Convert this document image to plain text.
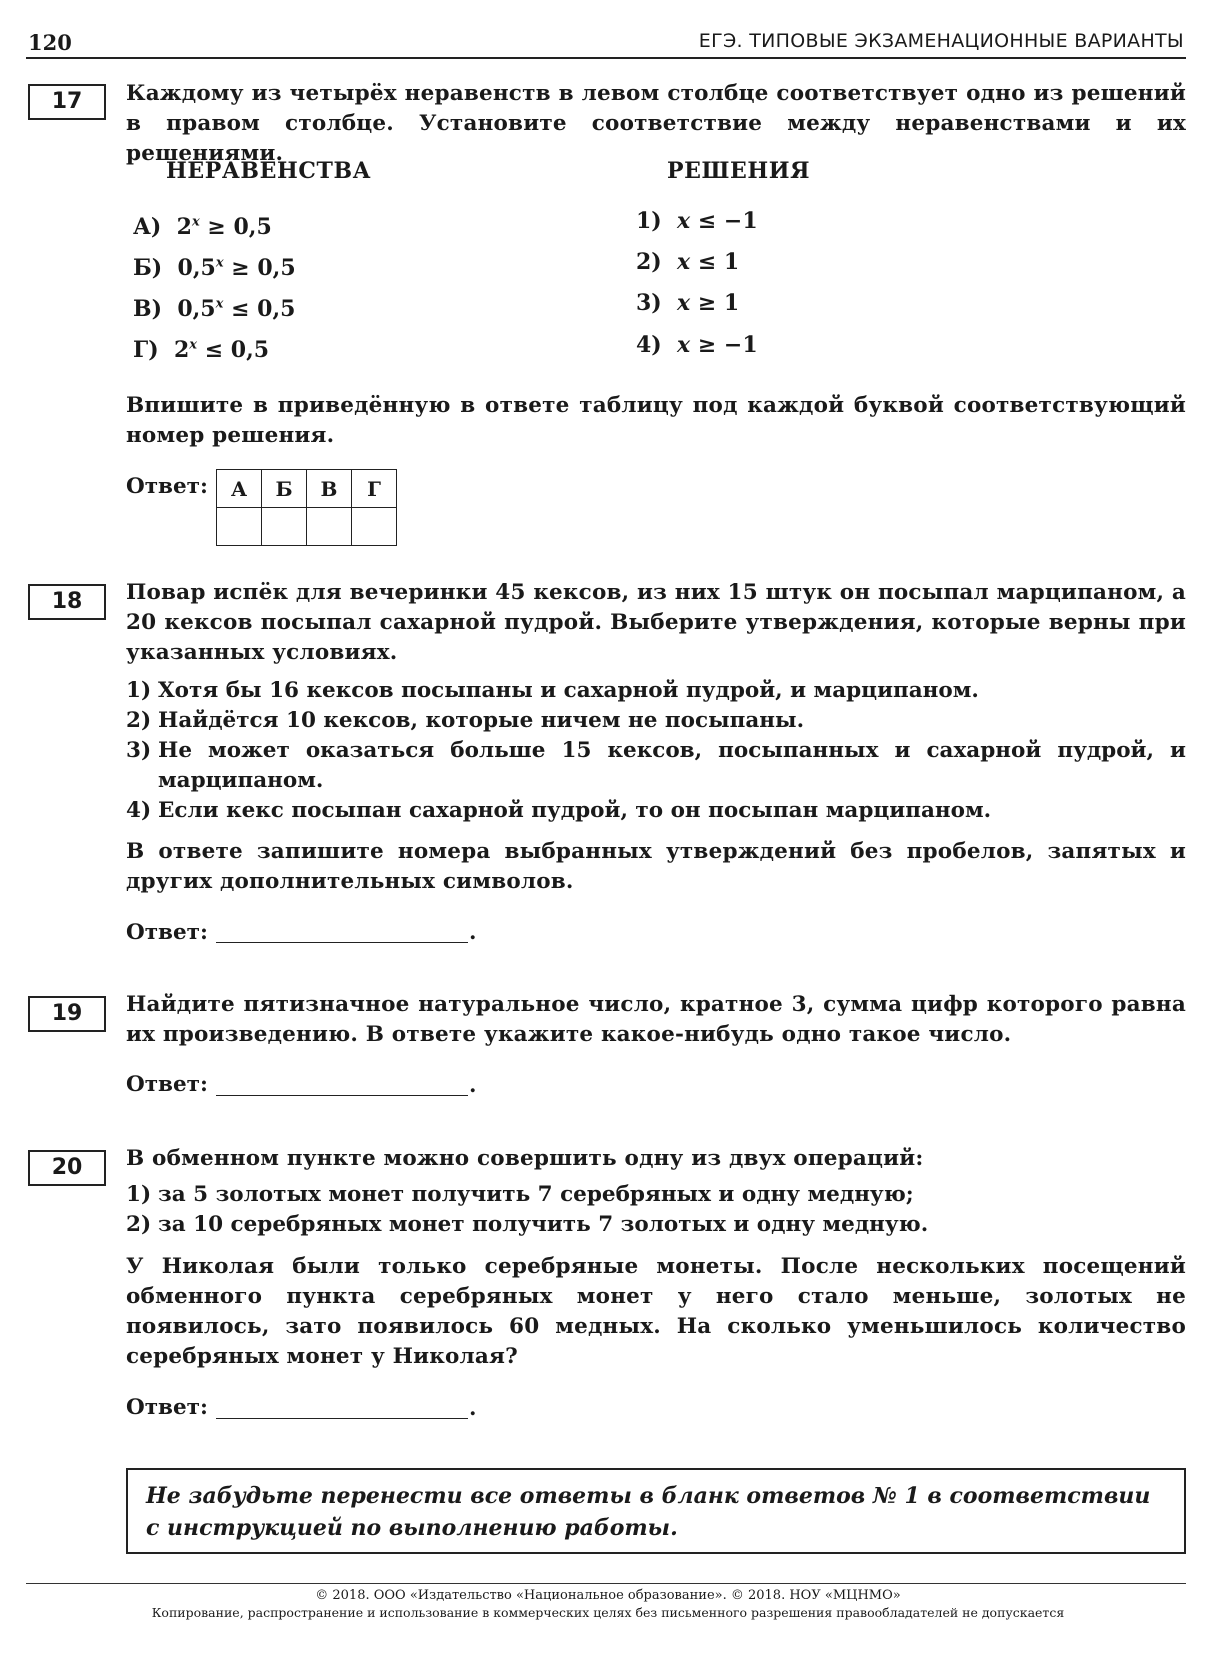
120	ЕГЭ. ТИПОВЫЕ ЭКЗАМЕНАЦИОННЫЕ ВАРИАНТЫ
17	Каждому из четырёх неравенств в левом столбце соответствует одно из решений в правом столбце. Установите соответствие между неравенствами и их решениями.
НЕРАВЕНСТВА	РЕШЕНИЯ
А) $2^x \ge 0,5$
Б) $0,5^x \ge 0,5$
В) $0,5^x \le 0,5$
Г) $2^x \le 0,5$
1) x ≤ −1
2) x ≤ 1
3) x ≥ 1
4) x ≥ −1
Впишите в приведённую в ответе таблицу под каждой буквой соответствующий номер решения.
Ответ: А	Б	В	Г

18	Повар испёк для вечеринки 45 кексов, из них 15 штук он посыпал марципаном, а 20 кексов посыпал сахарной пудрой. Выберите утверждения, которые верны при указанных условиях.
1) Хотя бы 16 кексов посыпаны и сахарной пудрой, и марципаном.
2) Найдётся 10 кексов, которые ничем не посыпаны.
3) Не может оказаться больше 15 кексов, посыпанных и сахарной пудрой, и марципаном.
4) Если кекс посыпан сахарной пудрой, то он посыпан марципаном.
В ответе запишите номера выбранных утверждений без пробелов, запятых и других дополнительных символов.
Ответ:	.
19	Найдите пятизначное натуральное число, кратное 3, сумма цифр которого равна их произведению. В ответе укажите какое-нибудь одно такое число.
Ответ:	.
20	В обменном пункте можно совершить одну из двух операций:
1) за 5 золотых монет получить 7 серебряных и одну медную;
2) за 10 серебряных монет получить 7 золотых и одну медную.
У Николая были только серебряные монеты. После нескольких посещений обменного пункта серебряных монет у него стало меньше, золотых не появилось, зато появилось 60 медных. На сколько уменьшилось количество серебряных монет у Николая?
Ответ:	.
Не забудьте перенести все ответы в бланк ответов № 1 в соответствии с инструкцией по выполнению работы.
© 2018. ООО «Издательство «Национальное образование». © 2018. НОУ «МЦНМО»
Копирование, распространение и использование в коммерческих целях без письменного разрешения правообладателей не допускается
